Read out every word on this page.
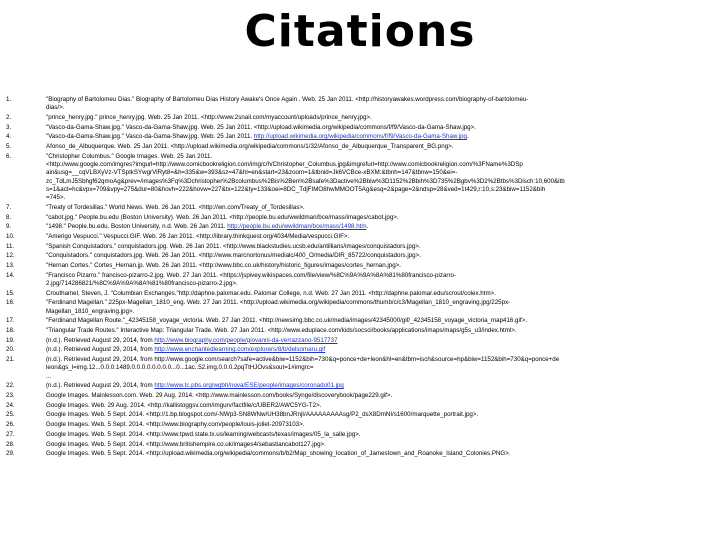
Citations
1.	"Biography of Bartolomeu Dias." Biography of Bartolomeu Dias History Awake's Once Again . Web. 25 Jan 2011. <http://historyawakes.wordpress.com/biography-of-bartolomeu-
dias/>.
2.	"prince_henry.jpg." prince_henry.jpg. Web. 25 Jan 2011. <http://www.2snail.com/myaccount/uploads/prince_henry.jpg>.
3.	"Vasco-da-Gama-Shaw.jpg." Vasco-da-Gama-Shaw.jpg. Web. 25 Jan 2011. <http://upload.wikimedia.org/wikipedia/commons/f/f9/Vasco-da-Gama-Shaw.jpg>.
4.	"Vasco-da-Gama-Shaw.jpg." Vasco-da-Gama-Shaw.jpg. Web. 25 Jan 2011. http://upload.wikimedia.org/wikipedia/commons/f/f9/Vasco-da-Gama-Shaw.jpg.
5.	Afonso_de_Albuquerque. Web. 25 Jan 2011. <http://upload.wikimedia.org/wikipedia/commons/1/32/Afonso_de_Albuquerque_Transparent_BG.png>.
6.	"Christopher Columbus." Google Images. Web. 25 Jan 2011.
<http://www.google.com/imgres?imgurl=http://www.comicbookreligion.com/img/c/h/Christopher_Columbus.jpg&imgrefurl=http://www.comicbookreligion.com/%3FName%3DSp
ain&usg=__cqVLBXyVz-VTSpIkSYwgrVlRyt8=&h=335&w=393&sz=47&hl=en&start=23&zoom=1&tbnid=Jk6VCBce-xBXM:&tbnh=147&tbnw=150&ei=-
zc_TdLmJ5Sbhgf62qmoAg&prev=/images%3Fq%3Dchristopher%2Bcolumbus%2Bis%2Ben%2Bsafe%3Dactive%2Bbiw%3D1152%2Bbih%3D735%2Bgbv%3D2%2Btbs%3Disch:10,600&itb
s=1&act=hc&vpx=709&vpy=275&dur=80&hovh=222&hovw=227&tx=122&ty=133&oei=8DC_TdjFIMO8hwMMOOT5Ag&esq=2&page=2&ndsp=28&ved=1t429,r:10,s:23&biw=1152&bih
=745>.
7.	"Treaty of Tordesillas." World News. Web. 26 Jan 2011. <http://wn.com/Treaty_of_Tordesillas>.
8.	"cabot.jpg." People.bu.edu (Boston University). Web. 26 Jan 2011. <http://people.bu.edu/wwildman/bce/mass/images/cabot.jpg>.
9.	"1498." People.bu.edu. Boston University, n.d. Web. 26 Jan 2011. http://people.bu.edu/wwildman/bce/mass/1498.htm.
10.	"Amerigo Vespucci." Vespucci.GIF. Web. 26 Jan 2011. <http://library.thinkquest.org/4034/Media/vespucci.GIF>.
11.	"Spanish Conquistadors." conquistadors.jpg. Web. 26 Jan 2011. <http://www.blackstudies.ucsb.edu/antillians/images/conquistadors.jpg>.
12.	"Conquistadors." conquistadors.jpg. Web. 26 Jan 2011. <http://www.marcnortonus/medialc/400_O/media/DIR_85722/conquistadors.jpg>.
13.	"Hernan Cortes." Cortes_Hernan.jp. Web. 26 Jan 2011. <http://www.bbc.co.uk/history/historic_figures/images/cortes_hernan.jpg>.
14.	"Francisco Pizarro." francisco-pizarro-2.jpg. Web. 27 Jan 2011. <https://jspivey.wikispaces.com/file/view/%8C%9A%9A%8A%81%80francisco-pizarro-
2.jpg/714286821/%8C%9A%9A%8A%81%80francisco-pizarro-2.jpg>.
15.	Crouthamel, Steven, J. "Columbian Exchanges."http://daphne.palomar.edu. Palomar College, n.d. Web. 27 Jan 2011. <http://daphne.palomar.edu/scrout/colex.htm>.
16.	"Ferdinand Magellan." 225px-Magellan_1810_eng. Web. 27 Jan 2011. <http://upload.wikimedia.org/wikipedia/commons/thumb/c/c3/Magellan_1810_engraving.jpg/225px-
Magellan_1810_engraving.jpg>.
17.	"Ferdinand Magellan Route."_42345158_voyage_victoria. Web. 27 Jan 2011. <http://newsimg.bbc.co.uk/media/images/42345000/gif/_42345158_voyage_victoria_map416.gif>.
18.	"Triangular Trade Routes." Interactive Map: Triangular Trade. Web. 27 Jan 2011. <http://www.eduplace.com/kids/socsci/books/applications/imaps/maps/g5s_u3/index.html>.
19.	(n.d.). Retrieved August 29, 2014, from http://www.biography.com/people/giovanni-da-verrazzano-9517737
20.	(n.d.). Retrieved August 29, 2014, from http://www.enchantedlearning.com/explorers/8/b/delsomaru.gif
21.	(n.d.). Retrieved August 29, 2014, from http://www.google.com/search?safe=active&biw=1152&bih=730&q=ponce+de+leon&hl=en&tbm=isch&source=hp&biw=1152&bih=730&q=ponce+de
leon&gs_l=img.12...0.0.0.1489.0.0.0.0.0.0.0.0...0...1ac..52.img.0.0.0.2pqTtHJOvs&sout=1#imgrc=
...
22.	(n.d.). Retrieved August 29, 2014, from http://www.tc.pbs.org/wgbh/nova/ESE/people/images/coronado01.jpg
23.	Google Images. Mainlesson.com. Web. 29 Aug. 2014. <http://www.mainlesson.com/books/Synge/discoverybook/page229.gif>.
24.	Google Images. Web. 29 Aug. 2014. <http://kallistoggsv.com/imgurv/factfile/c/UBER2/AWC5YG-T2>.
25.	Google Images. Web. 5 Sept. 2014. <http://1.bp.blogspot.com/-NWp3-SN8WNw/UH38bnJRnjI/AAAAAAAAAsg/P2_dsX8DmNI/s1600/marquette_portrait.jpg>.
26.	Google Images. Web. 5 Sept. 2014. <http://www.biography.com/people/louis-joliet-20973103>.
27.	Google Images. Web. 5 Sept. 2014. <http://www.tpwd.state.tx.us/learning/webcasts/texas/images/05_la_salle.jpg>.
28.	Google Images. Web. 5 Sept. 2014. <http://www.britishempire.co.uk/images4/sebastiancabot127.jpg>.
29.	Google Images. Web. 5 Sept. 2014. <http://upload.wikimedia.org/wikipedia/commons/b/b2/Map_showing_location_of_Jamestown_and_Roanoke_Island_Colonies.PNG>.
